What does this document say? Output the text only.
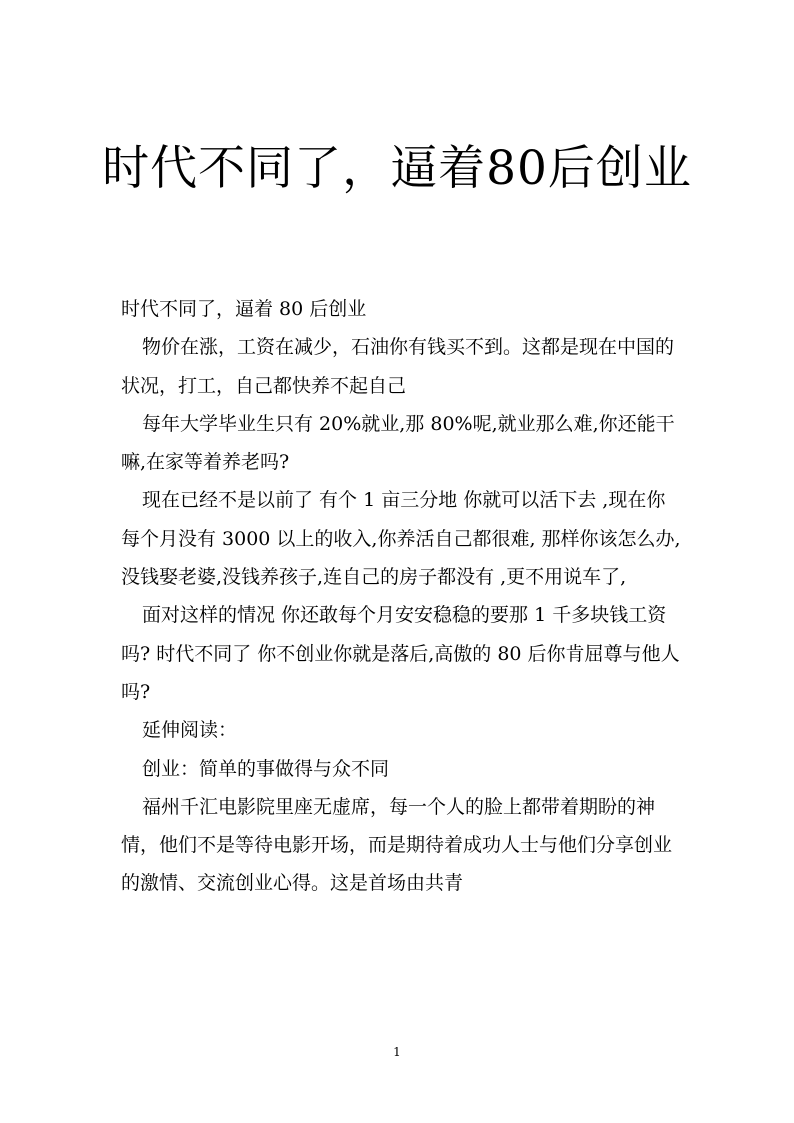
时代不同了，逼着80后创业

时代不同了，逼着 80 后创业

物价在涨，工资在减少，石油你有钱买不到。这都是现在中国的状况，打工，自己都快养不起自己

每年大学毕业生只有 20%就业,那 80%呢,就业那么难,你还能干嘛,在家等着养老吗?

现在已经不是以前了 有个 1 亩三分地 你就可以活下去 ,现在你每个月没有 3000 以上的收入,你养活自己都很难, 那样你该怎么办,没钱娶老婆,没钱养孩子,连自己的房子都没有 ,更不用说车了,

面对这样的情况 你还敢每个月安安稳稳的要那 1 千多块钱工资吗? 时代不同了 你不创业你就是落后,高傲的 80 后你肯屈尊与他人吗?

延伸阅读：

创业：简单的事做得与众不同

福州千汇电影院里座无虚席，每一个人的脸上都带着期盼的神情，他们不是等待电影开场，而是期待着成功人士与他们分享创业的激情、交流创业心得。这是首场由共青

1
